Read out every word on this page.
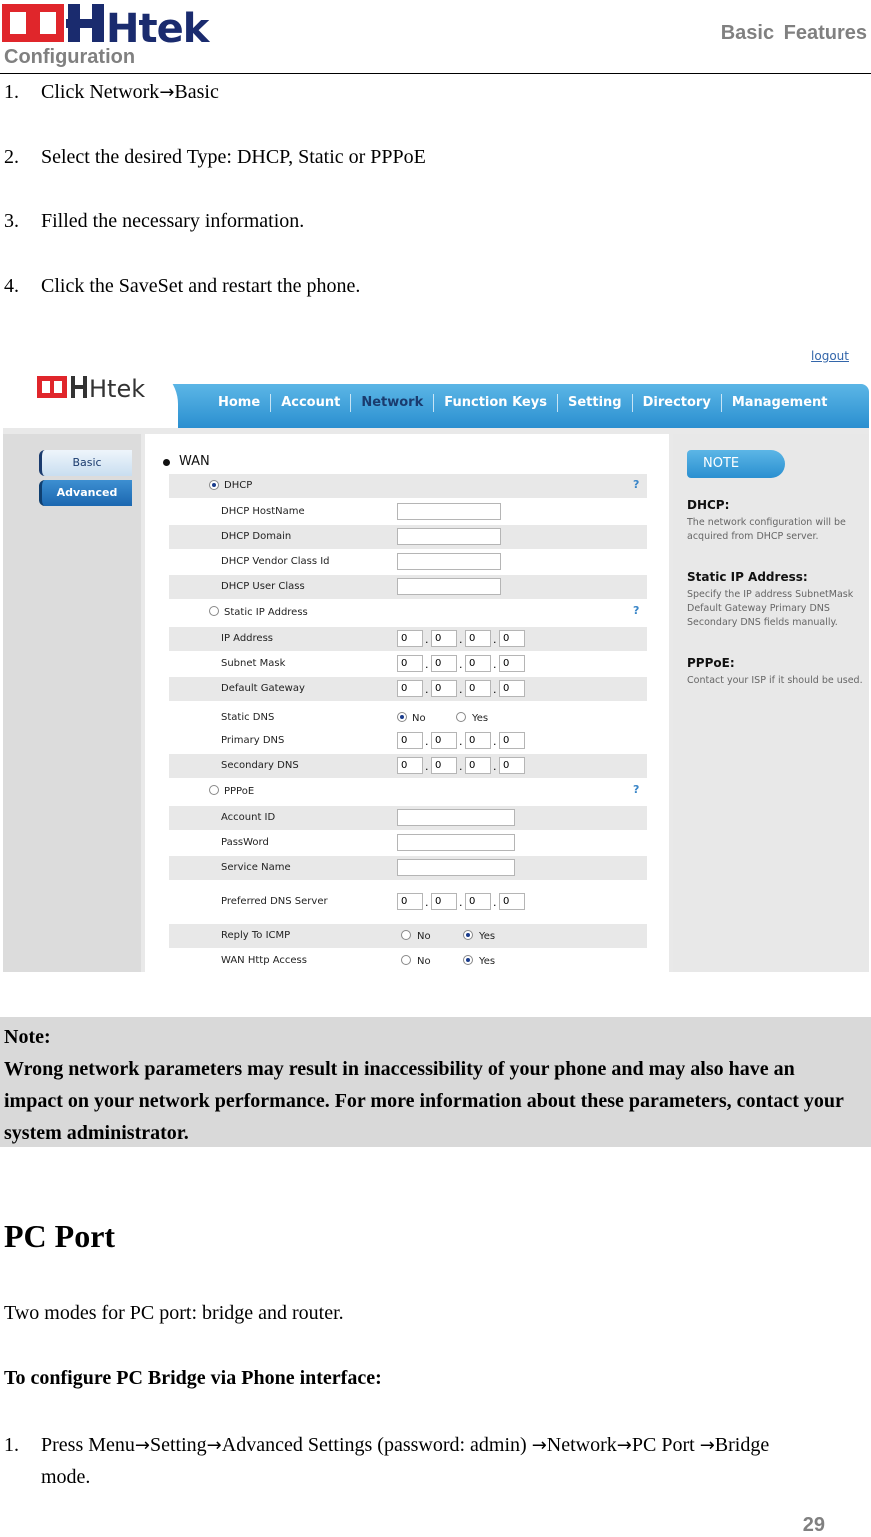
Htek
Configuration
Basic Features
1. Click Network→Basic
2. Select the desired Type: DHCP, Static or PPPoE
3. Filled the necessary information.
4. Click the SaveSet and restart the phone.
Htek
logout
Home	Account	Network	Function Keys	Setting	Directory	Management
Basic
Advanced
WAN
DHCP	?
DHCP HostName
DHCP Domain
DHCP Vendor Class Id
DHCP User Class
Static IP Address	?
IP Address	0	. 0	. 0	. 0
Subnet Mask	0	. 0	. 0	. 0
Default Gateway	0	. 0	. 0	. 0
Static DNS	No	Yes
Primary DNS	0	. 0	. 0	. 0
Secondary DNS	0	. 0	. 0	. 0
PPPoE	?
Account ID
PassWord
Service Name
Preferred DNS Server	0	. 0	. 0	. 0
Reply To ICMP	No	Yes
WAN Http Access	No	Yes
NOTE
DHCP:
The network configuration will be acquired from DHCP server.
Static IP Address:
Specify the IP address SubnetMask Default Gateway Primary DNS Secondary DNS fields manually.
PPPoE:
Contact your ISP if it should be used.
Note:
Wrong network parameters may result in inaccessibility of your phone and may also have an impact on your network performance. For more information about these parameters, contact your system administrator.
PC Port
Two modes for PC port: bridge and router.
To configure PC Bridge via Phone interface:
1. Press Menu→Setting→Advanced Settings (password: admin) →Network→PC Port →Bridge
mode.
29
